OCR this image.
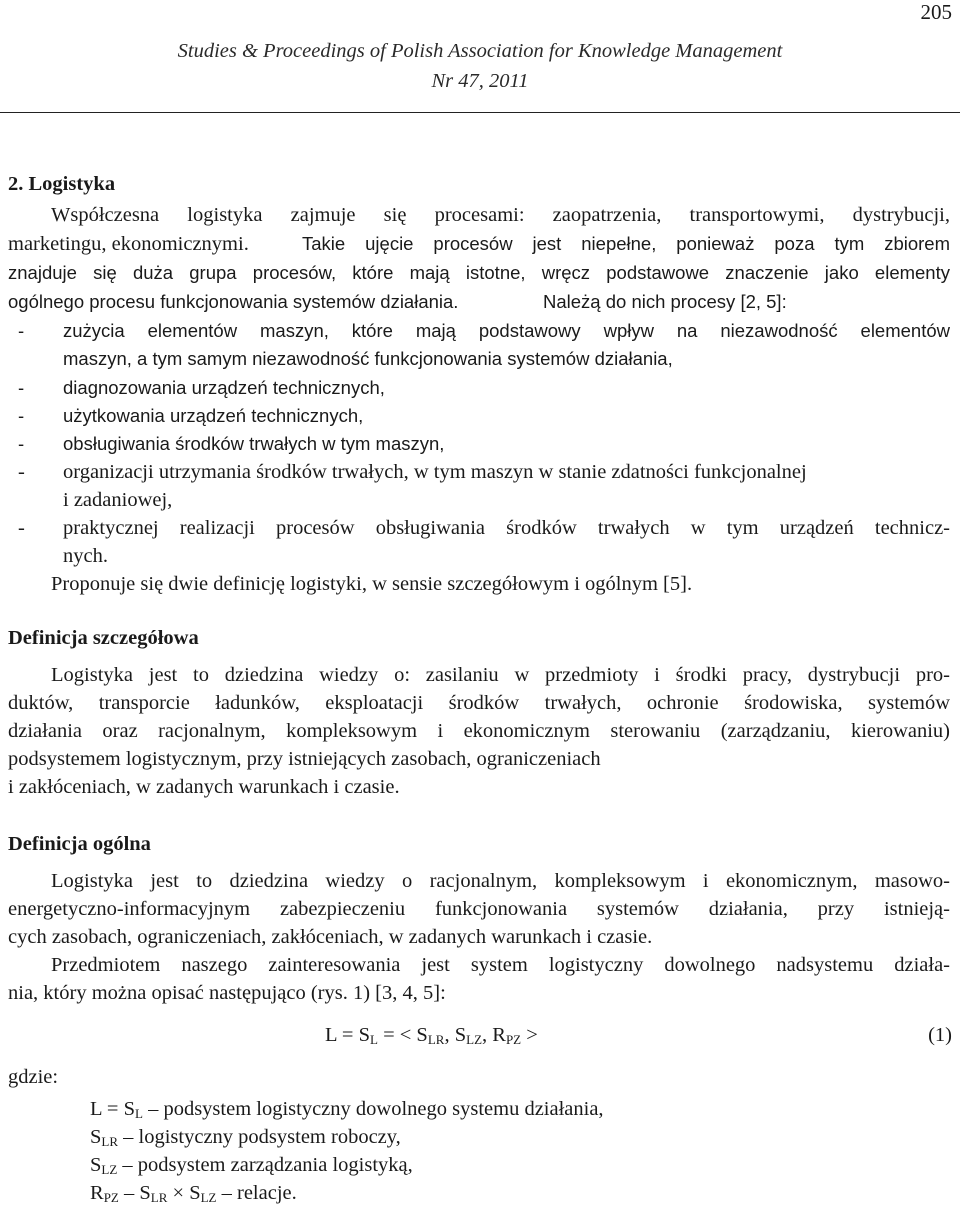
205
Studies & Proceedings of Polish Association for Knowledge Management
Nr 47, 2011
2. Logistyka
Współczesna logistyka zajmuje się procesami: zaopatrzenia, transportowymi, dystrybucji,
marketingu, ekonomicznymi.	Takie ujęcie procesów jest niepełne, ponieważ poza tym zbiorem
znajduje się duża grupa procesów, które mają istotne, wręcz podstawowe znaczenie jako elementy
ogólnego procesu funkcjonowania systemów działania.	Należą do nich procesy [2, 5]:
- zużycia elementów maszyn, które mają podstawowy wpływ na niezawodność elementów
maszyn, a tym samym niezawodność funkcjonowania systemów działania,
- diagnozowania urządzeń technicznych,
- użytkowania urządzeń technicznych,
- obsługiwania środków trwałych w tym maszyn,
- organizacji utrzymania środków trwałych, w tym maszyn w stanie zdatności funkcjonalnej
i zadaniowej,
- praktycznej realizacji procesów obsługiwania środków trwałych w tym urządzeń technicz-
nych.
Proponuje się dwie definicję logistyki, w sensie szczegółowym i ogólnym [5].
Definicja szczegółowa
Logistyka jest to dziedzina wiedzy o: zasilaniu w przedmioty i środki pracy, dystrybucji pro-
duktów, transporcie ładunków, eksploatacji środków trwałych, ochronie środowiska, systemów
działania oraz racjonalnym, kompleksowym i ekonomicznym sterowaniu (zarządzaniu, kierowaniu)
podsystemem logistycznym, przy istniejących zasobach, ograniczeniach
i zakłóceniach, w zadanych warunkach i czasie.
Definicja ogólna
Logistyka jest to dziedzina wiedzy o racjonalnym, kompleksowym i ekonomicznym, masowo-
energetyczno-informacyjnym zabezpieczeniu funkcjonowania systemów działania, przy istnieją-
cych zasobach, ograniczeniach, zakłóceniach, w zadanych warunkach i czasie.
Przedmiotem naszego zainteresowania jest system logistyczny dowolnego nadsystemu działa-
nia, który można opisać następująco (rys. 1) [3, 4, 5]:
$L = S_L$ = < $S_{LR}$, $S_{LZ}$, $R_{PZ}$ >	(1)
gdzie:
$L = S_L$ – podsystem logistyczny dowolnego systemu działania,
$S_{LR}$ – logistyczny podsystem roboczy,
$S_{LZ}$ – podsystem zarządzania logistyką,
$R_{PZ} - S_{LR} \times S_{LZ}$ – relacje.
